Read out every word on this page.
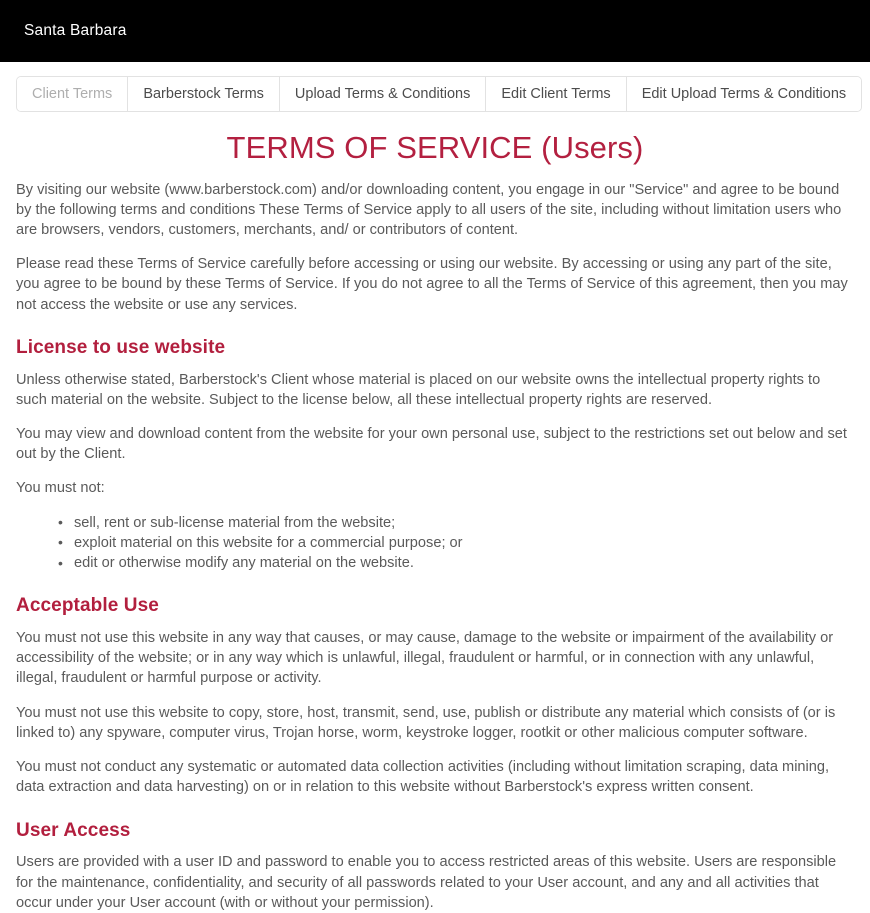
Santa Barbara
Client Terms	Barberstock Terms	Upload Terms & Conditions	Edit Client Terms	Edit Upload Terms & Conditions
TERMS OF SERVICE (Users)

By visiting our website (www.barberstock.com) and/or downloading content, you engage in our "Service" and agree to be bound by the following terms and conditions These Terms of Service apply to all users of the site, including without limitation users who are browsers, vendors, customers, merchants, and/ or contributors of content.

Please read these Terms of Service carefully before accessing or using our website. By accessing or using any part of the site, you agree to be bound by these Terms of Service. If you do not agree to all the Terms of Service of this agreement, then you may not access the website or use any services.

License to use website

Unless otherwise stated, Barberstock's Client whose material is placed on our website owns the intellectual property rights to such material on the website. Subject to the license below, all these intellectual property rights are reserved.

You may view and download content from the website for your own personal use, subject to the restrictions set out below and set out by the Client.

You must not:

• sell, rent or sub-license material from the website;
• exploit material on this website for a commercial purpose; or
• edit or otherwise modify any material on the website.
Acceptable Use

You must not use this website in any way that causes, or may cause, damage to the website or impairment of the availability or accessibility of the website; or in any way which is unlawful, illegal, fraudulent or harmful, or in connection with any unlawful, illegal, fraudulent or harmful purpose or activity.

You must not use this website to copy, store, host, transmit, send, use, publish or distribute any material which consists of (or is linked to) any spyware, computer virus, Trojan horse, worm, keystroke logger, rootkit or other malicious computer software.

You must not conduct any systematic or automated data collection activities (including without limitation scraping, data mining, data extraction and data harvesting) on or in relation to this website without Barberstock's express written consent.

User Access

Users are provided with a user ID and password to enable you to access restricted areas of this website. Users are responsible for the maintenance, confidentiality, and security of all passwords related to your User account, and any and all activities that occur under your User account (with or without your permission).
